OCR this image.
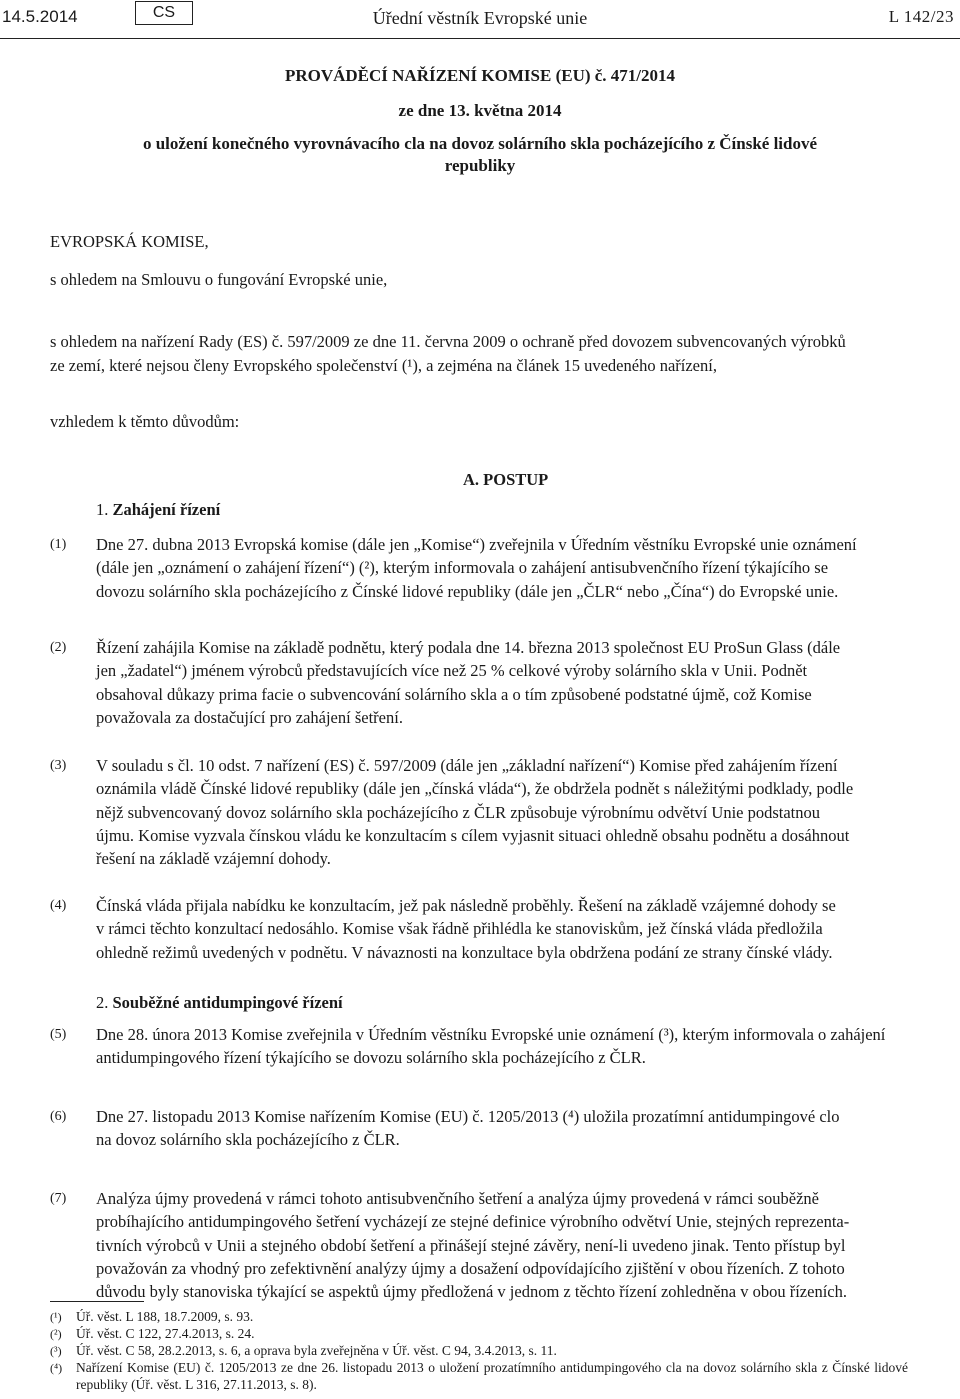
14.5.2014	CS	Úřední věstník Evropské unie	L 142/23
PROVÁDĚCÍ NAŘÍZENÍ KOMISE (EU) č. 471/2014
ze dne 13. května 2014
o uložení konečného vyrovnávacího cla na dovoz solárního skla pocházejícího z Čínské lidové
republiky

EVROPSKÁ KOMISE,

s ohledem na Smlouvu o fungování Evropské unie,

s ohledem na nařízení Rady (ES) č. 597/2009 ze dne 11. června 2009 o ochraně před dovozem subvencovaných výrobků

ze zemí, které nejsou členy Evropského společenství (¹), a zejména na článek 15 uvedeného nařízení,

vzhledem k těmto důvodům:

A. POSTUP
1. Zahájení řízení
(1) Dne 27. dubna 2013 Evropská komise (dále jen „Komise“) zveřejnila v Úředním věstníku Evropské unie oznámení
(dále jen „oznámení o zahájení řízení“) (²), kterým informovala o zahájení antisubvenčního řízení týkajícího se
dovozu solárního skla pocházejícího z Čínské lidové republiky (dále jen „ČLR“ nebo „Čína“) do Evropské unie.
(2) Řízení zahájila Komise na základě podnětu, který podala dne 14. března 2013 společnost EU ProSun Glass (dále
jen „žadatel“) jménem výrobců představujících více než 25 % celkové výroby solárního skla v Unii. Podnět
obsahoval důkazy prima facie o subvencování solárního skla a o tím způsobené podstatné újmě, což Komise
považovala za dostačující pro zahájení šetření.
(3) V souladu s čl. 10 odst. 7 nařízení (ES) č. 597/2009 (dále jen „základní nařízení“) Komise před zahájením řízení
oznámila vládě Čínské lidové republiky (dále jen „čínská vláda“), že obdržela podnět s náležitými podklady, podle
nějž subvencovaný dovoz solárního skla pocházejícího z ČLR způsobuje výrobnímu odvětví Unie podstatnou
újmu. Komise vyzvala čínskou vládu ke konzultacím s cílem vyjasnit situaci ohledně obsahu podnětu a dosáhnout
řešení na základě vzájemní dohody.
(4) Čínská vláda přijala nabídku ke konzultacím, jež pak následně proběhly. Řešení na základě vzájemné dohody se
v rámci těchto konzultací nedosáhlo. Komise však řádně přihlédla ke stanoviskům, jež čínská vláda předložila
ohledně režimů uvedených v podnětu. V návaznosti na konzultace byla obdržena podání ze strany čínské vlády.
2. Souběžné antidumpingové řízení
(5) Dne 28. února 2013 Komise zveřejnila v Úředním věstníku Evropské unie oznámení (³), kterým informovala o zahájení
antidumpingového řízení týkajícího se dovozu solárního skla pocházejícího z ČLR.
(6) Dne 27. listopadu 2013 Komise nařízením Komise (EU) č. 1205/2013 (⁴) uložila prozatímní antidumpingové clo
na dovoz solárního skla pocházejícího z ČLR.
(7) Analýza újmy provedená v rámci tohoto antisubvenčního šetření a analýza újmy provedená v rámci souběžně
probíhajícího antidumpingového šetření vycházejí ze stejné definice výrobního odvětví Unie, stejných reprezenta-
tivních výrobců v Unii a stejného období šetření a přinášejí stejné závěry, není-li uvedeno jinak. Tento přístup byl
považován za vhodný pro zefektivnění analýzy újmy a dosažení odpovídajícího zjištění v obou řízeních. Z tohoto
důvodu byly stanoviska týkající se aspektů újmy předložená v jednom z těchto řízení zohledněna v obou řízeních.
(¹) Úř. věst. L 188, 18.7.2009, s. 93.
(²) Úř. věst. C 122, 27.4.2013, s. 24.
(³) Úř. věst. C 58, 28.2.2013, s. 6, a oprava byla zveřejněna v Úř. věst. C 94, 3.4.2013, s. 11.
(⁴) Nařízení Komise (EU) č. 1205/2013 ze dne 26. listopadu 2013 o uložení prozatímního antidumpingového cla na dovoz solárního skla z Čínské lidové republiky (Úř. věst. L 316, 27.11.2013, s. 8).
